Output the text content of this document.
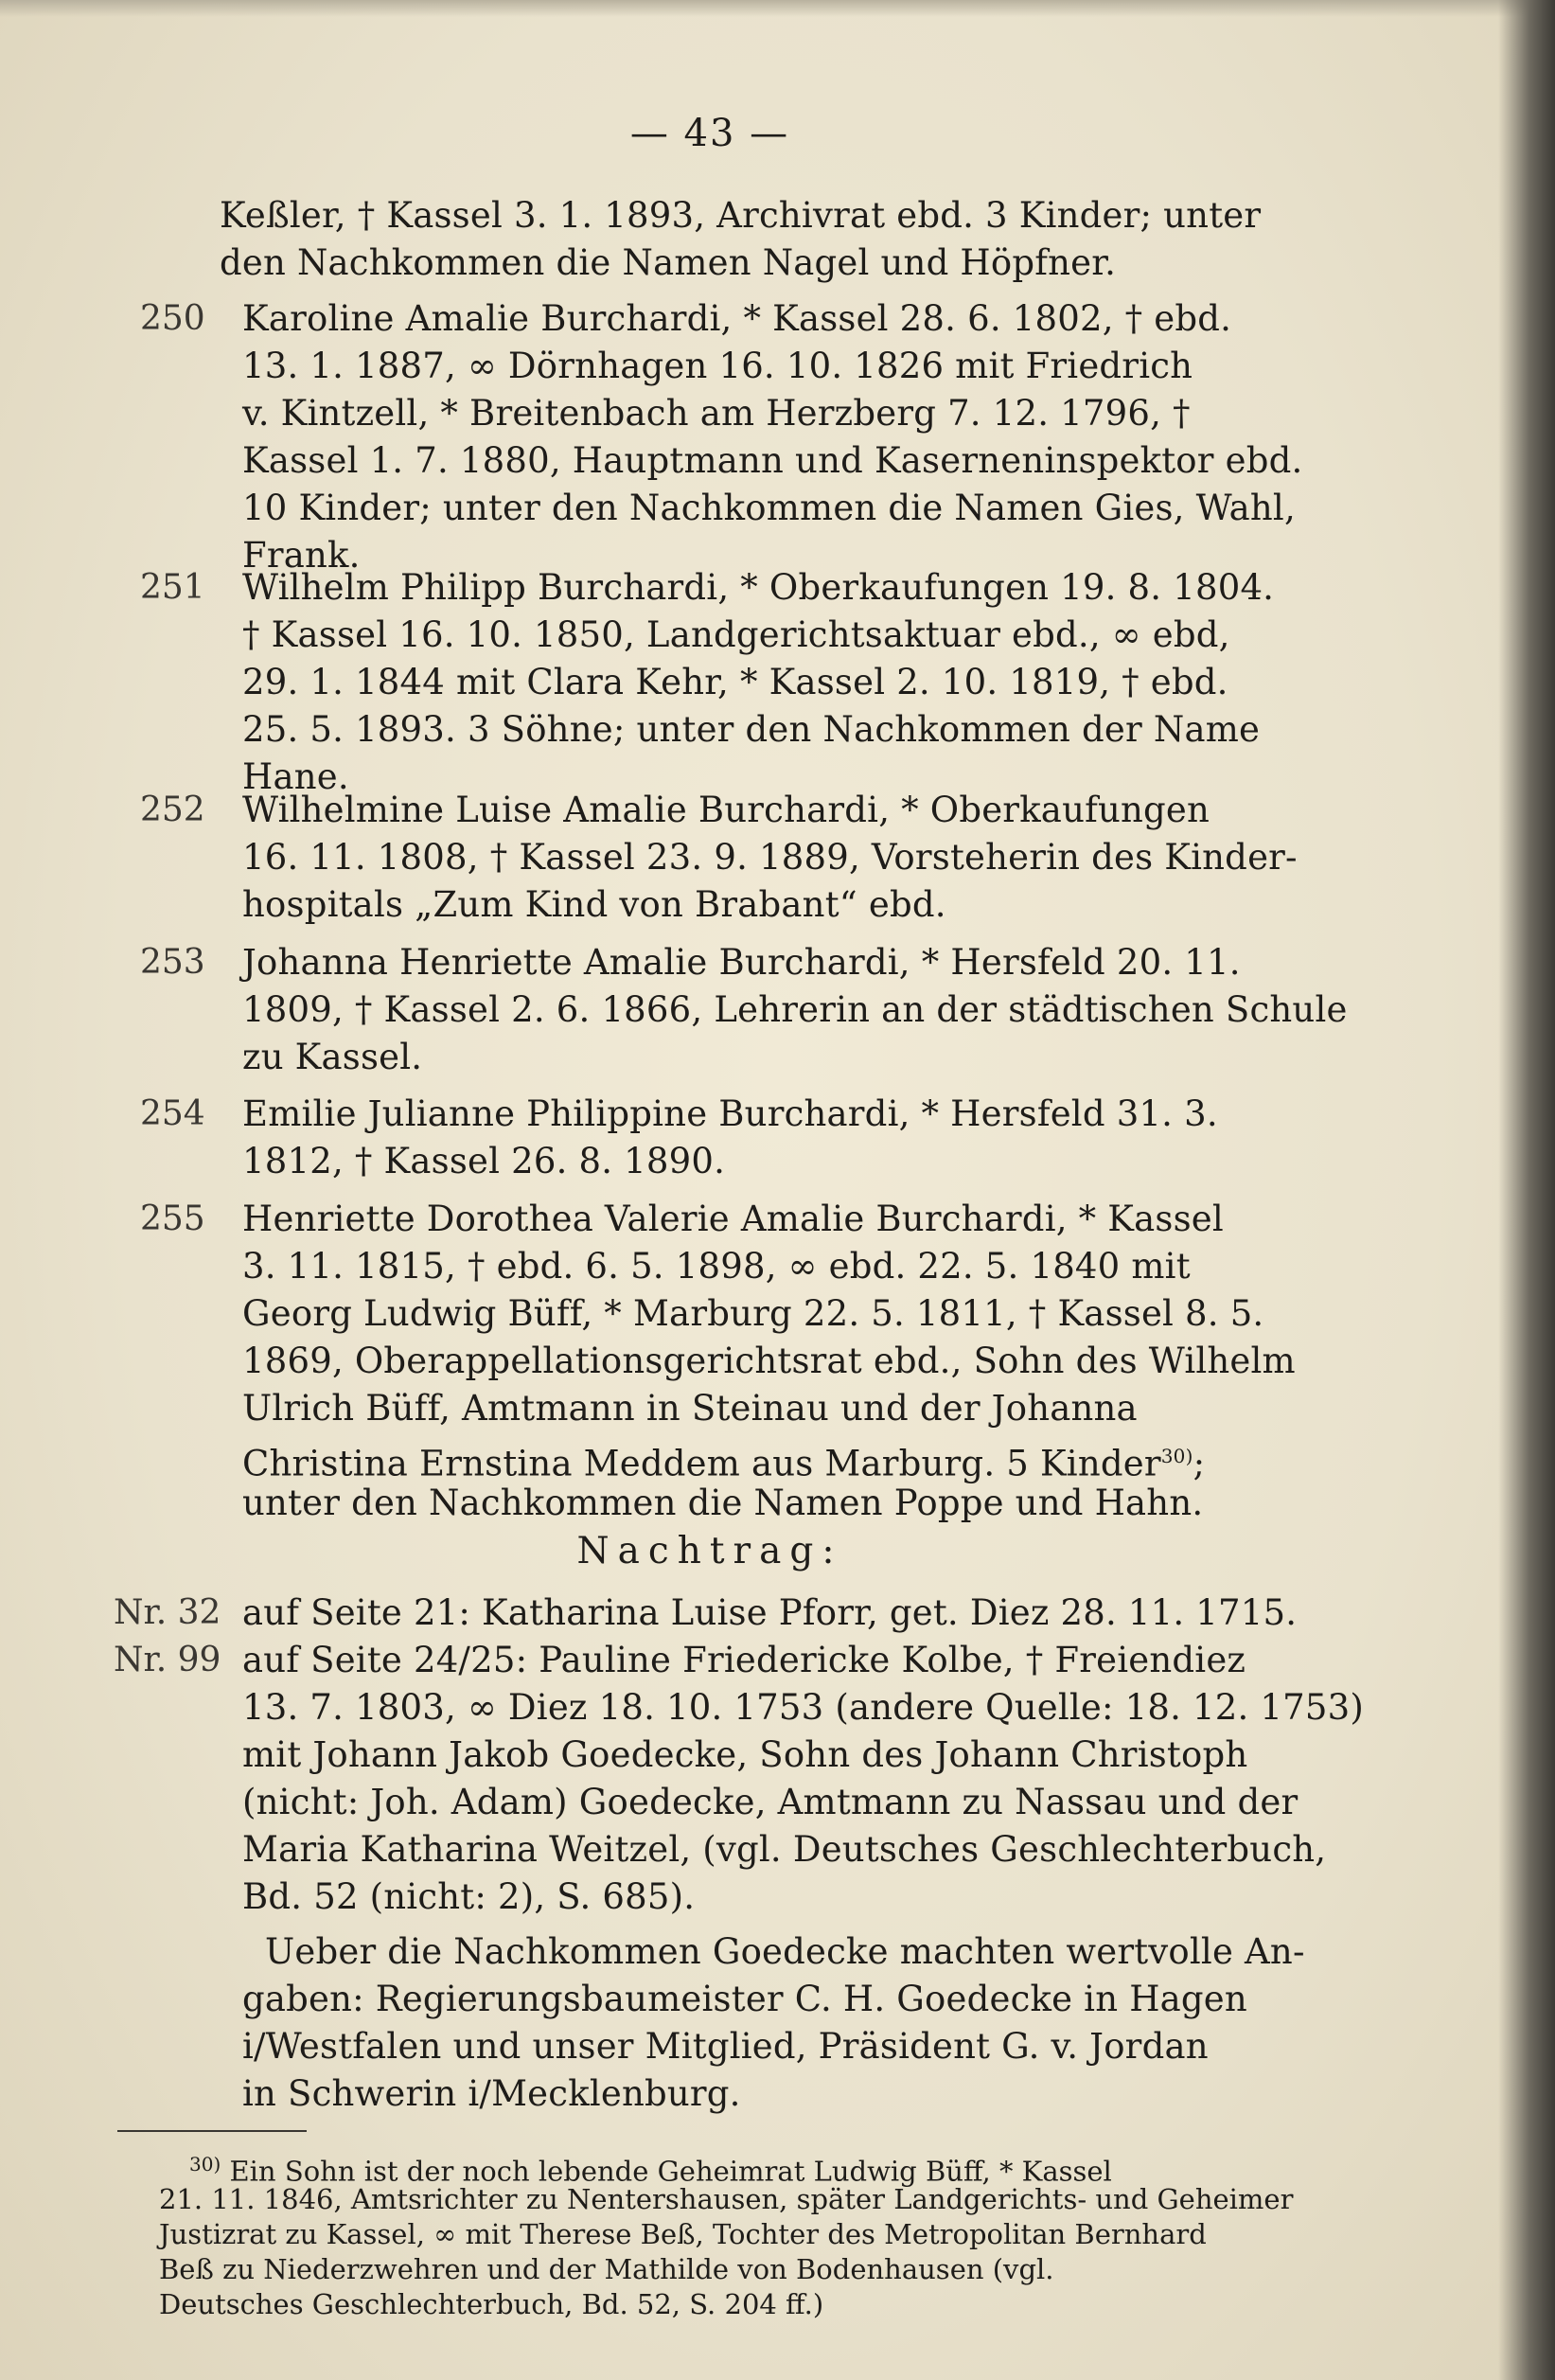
— 43 —
Keßler, † Kassel 3. 1. 1893, Archivrat ebd. 3 Kinder; unter
den Nachkommen die Namen Nagel und Höpfner.
250 Karoline Amalie Burchardi, * Kassel 28. 6. 1802, † ebd.
13. 1. 1887, ∞ Dörnhagen 16. 10. 1826 mit Friedrich
v. Kintzell, * Breitenbach am Herzberg 7. 12. 1796, †
Kassel 1. 7. 1880, Hauptmann und Kaserneninspektor ebd.
10 Kinder; unter den Nachkommen die Namen Gies, Wahl,
Frank.
251 Wilhelm Philipp Burchardi, * Oberkaufungen 19. 8. 1804.
† Kassel 16. 10. 1850, Landgerichtsaktuar ebd., ∞ ebd,
29. 1. 1844 mit Clara Kehr, * Kassel 2. 10. 1819, † ebd.
25. 5. 1893. 3 Söhne; unter den Nachkommen der Name
Hane.
252 Wilhelmine Luise Amalie Burchardi, * Oberkaufungen
16. 11. 1808, † Kassel 23. 9. 1889, Vorsteherin des Kinder-
hospitals „Zum Kind von Brabant“ ebd.
253 Johanna Henriette Amalie Burchardi, * Hersfeld 20. 11.
1809, † Kassel 2. 6. 1866, Lehrerin an der städtischen Schule
zu Kassel.
254 Emilie Julianne Philippine Burchardi, * Hersfeld 31. 3.
1812, † Kassel 26. 8. 1890.
255 Henriette Dorothea Valerie Amalie Burchardi, * Kassel
3. 11. 1815, † ebd. 6. 5. 1898, ∞ ebd. 22. 5. 1840 mit
Georg Ludwig Büff, * Marburg 22. 5. 1811, † Kassel 8. 5.
1869, Oberappellationsgerichtsrat ebd., Sohn des Wilhelm
Ulrich Büff, Amtmann in Steinau und der Johanna
Christina Ernstina Meddem aus Marburg. 5 Kinder$^{30)}$;
unter den Nachkommen die Namen Poppe und Hahn.
Nachtrag:
Nr. 32 auf Seite 21: Katharina Luise Pforr, get. Diez 28. 11. 1715.
Nr. 99 auf Seite 24/25: Pauline Friedericke Kolbe, † Freiendiez
13. 7. 1803, ∞ Diez 18. 10. 1753 (andere Quelle: 18. 12. 1753)
mit Johann Jakob Goedecke, Sohn des Johann Christoph
(nicht: Joh. Adam) Goedecke, Amtmann zu Nassau und der
Maria Katharina Weitzel, (vgl. Deutsches Geschlechterbuch,
Bd. 52 (nicht: 2), S. 685).
Ueber die Nachkommen Goedecke machten wertvolle An-
gaben: Regierungsbaumeister C. H. Goedecke in Hagen
i/Westfalen und unser Mitglied, Präsident G. v. Jordan
in Schwerin i/Mecklenburg.
$^{30)}$ Ein Sohn ist der noch lebende Geheimrat Ludwig Büff, * Kassel
21. 11. 1846, Amtsrichter zu Nentershausen, später Landgerichts- und Geheimer
Justizrat zu Kassel, ∞ mit Therese Beß, Tochter des Metropolitan Bernhard
Beß zu Niederzwehren und der Mathilde von Bodenhausen (vgl.
Deutsches Geschlechterbuch, Bd. 52, S. 204 ff.)
